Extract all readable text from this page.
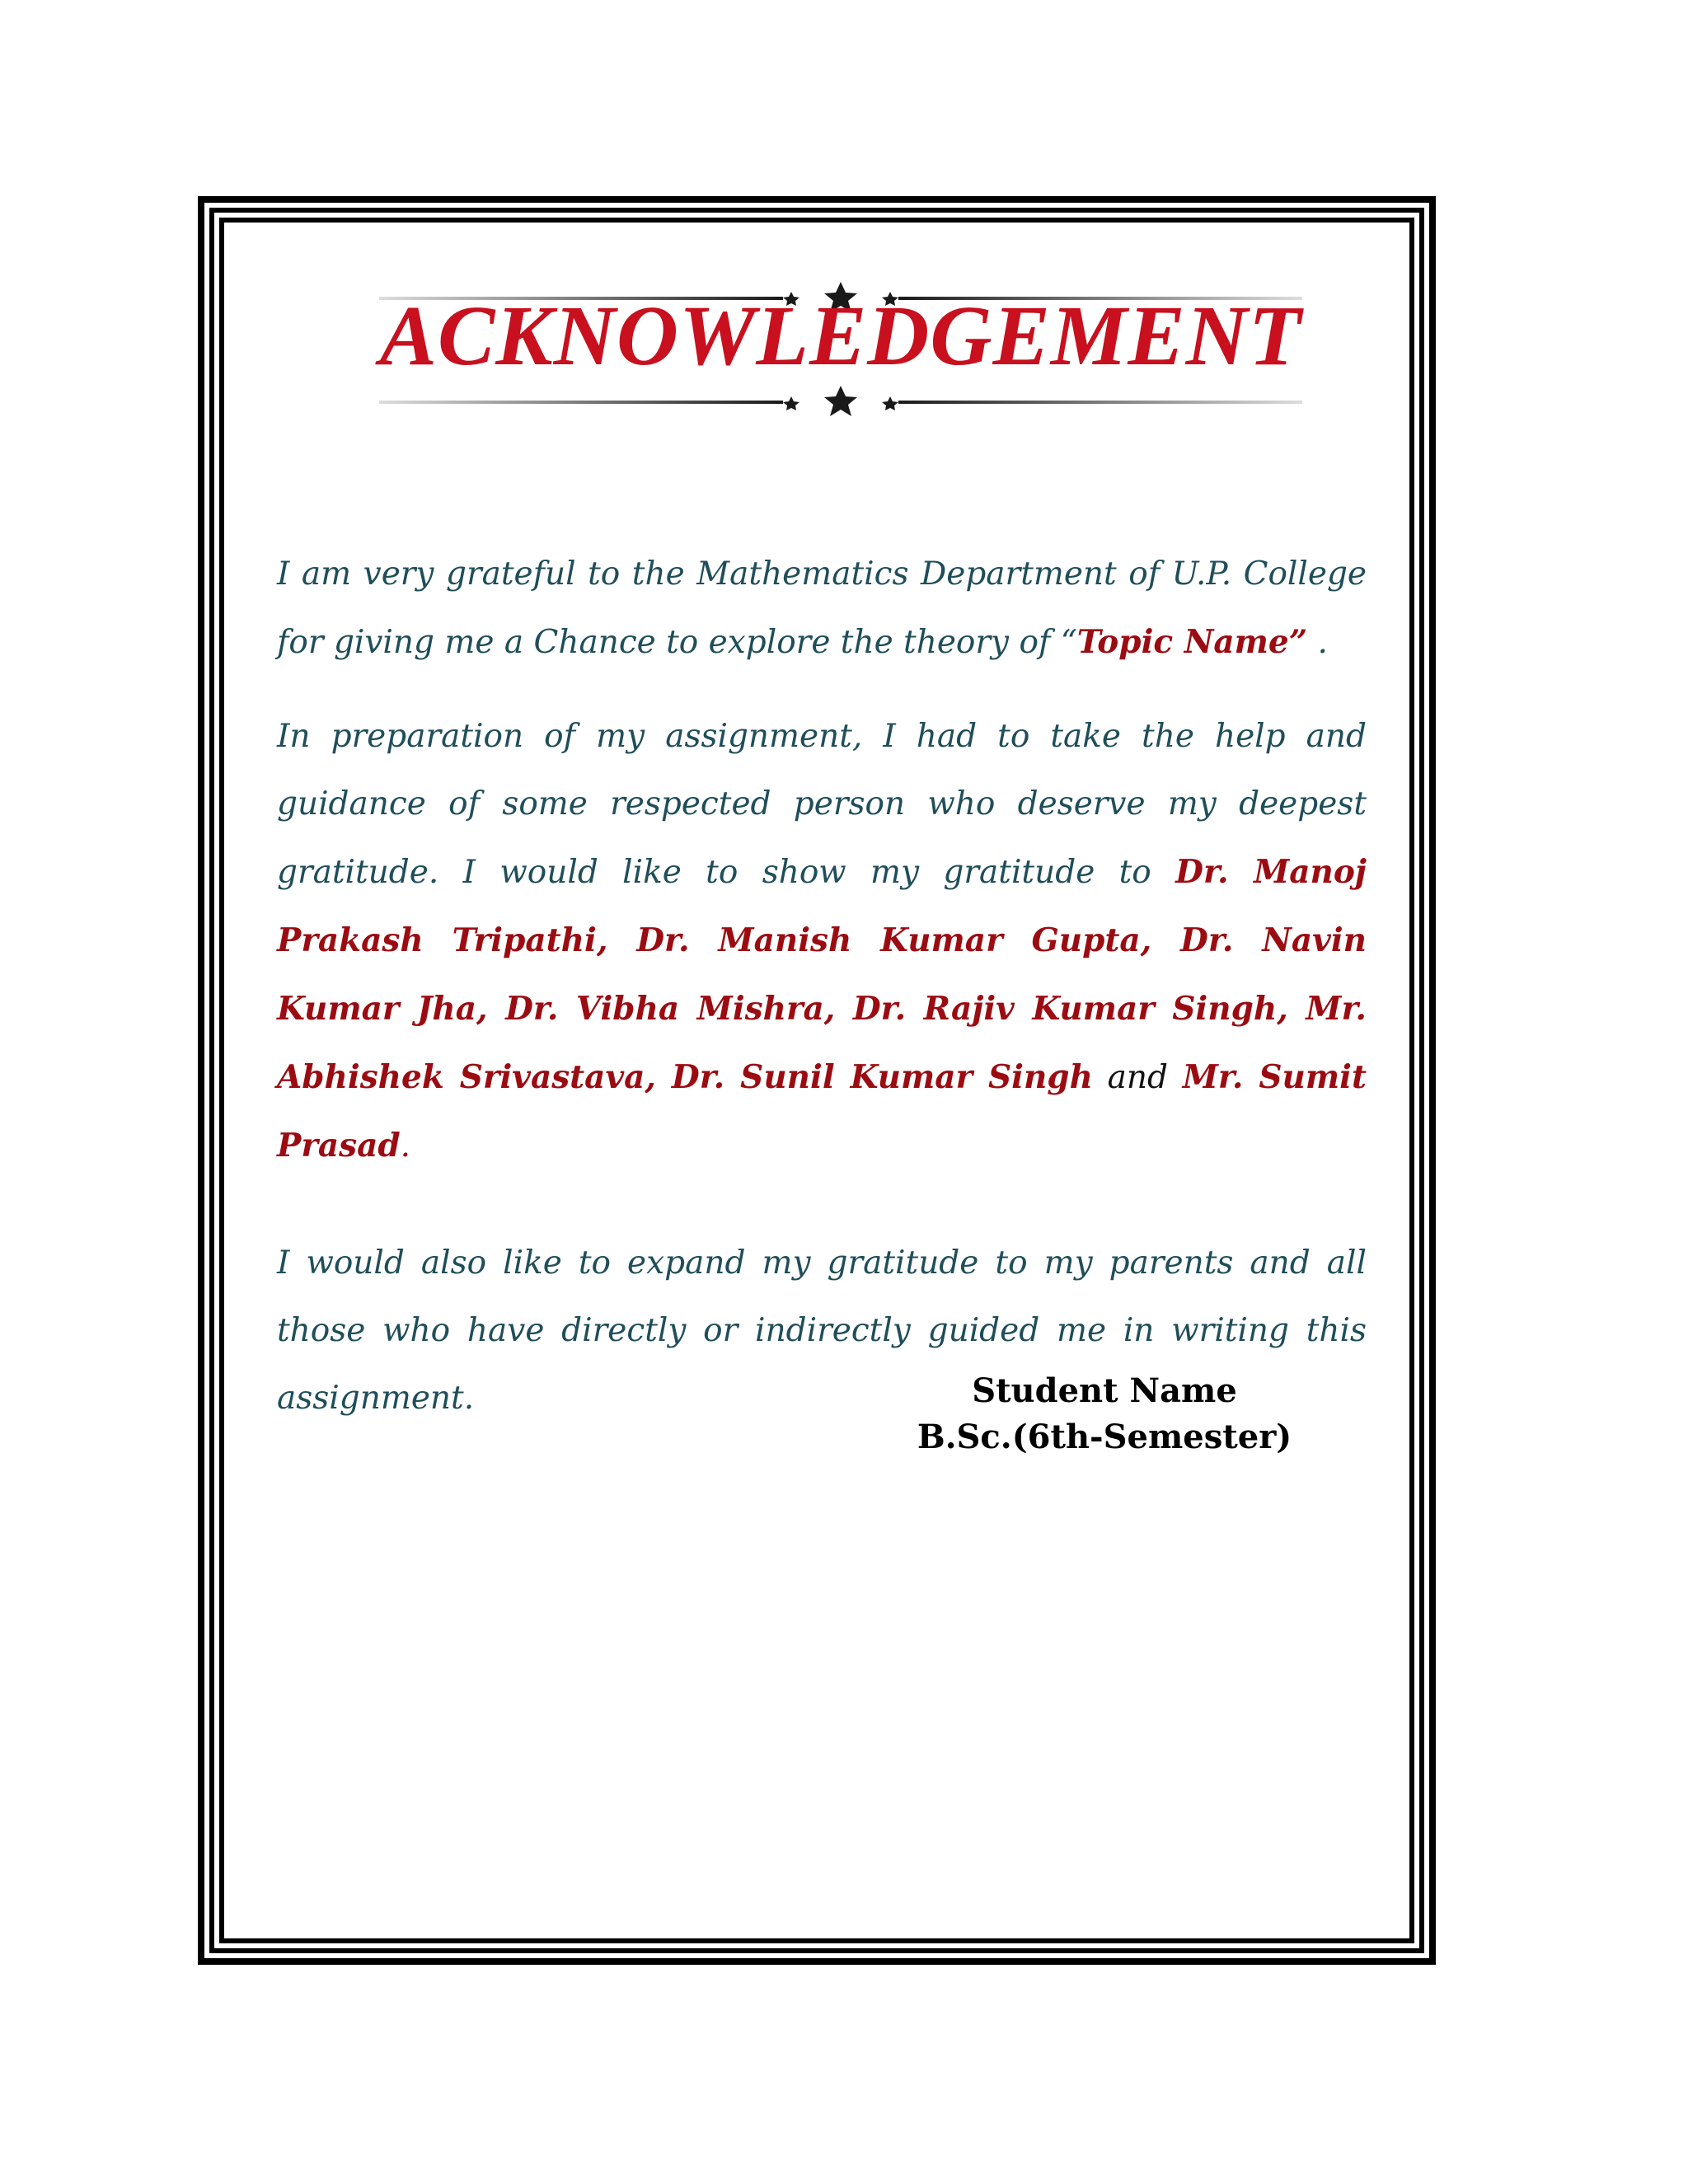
ACKNOWLEDGEMENT

I am very grateful to the Mathematics Department of U.P. College for giving me a Chance to explore the theory of “Topic Name” .

In preparation of my assignment, I had to take the help and guidance of some respected person who deserve my deepest gratitude. I would like to show my gratitude to Dr. Manoj Prakash Tripathi, Dr. Manish Kumar Gupta, Dr. Navin Kumar Jha, Dr. Vibha Mishra, Dr. Rajiv Kumar Singh, Mr. Abhishek Srivastava, Dr. Sunil Kumar Singh and Mr. Sumit Prasad.

I would also like to expand my gratitude to my parents and all those who have directly or indirectly guided me in writing this assignment.	Student Name
B.Sc.(6th-Semester)
